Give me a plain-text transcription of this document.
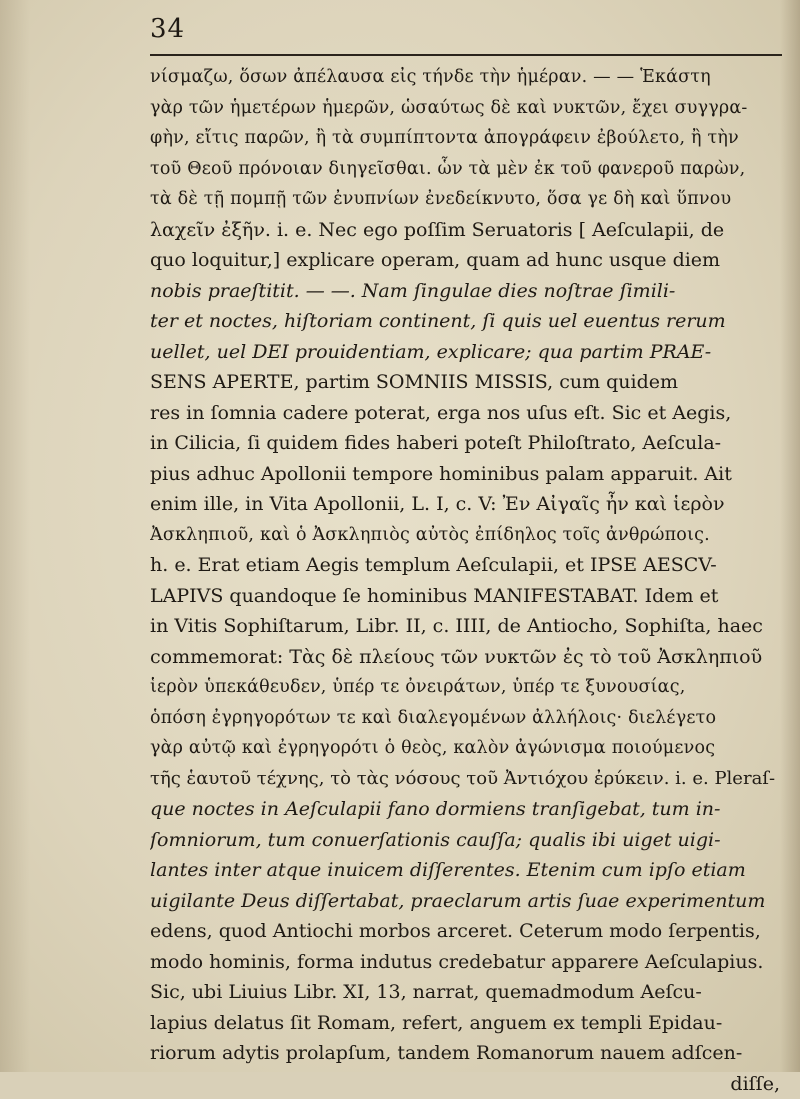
34
νίσμαζω, ὅσων ἀπέλαυσα εἰς τήνδε τὴν ἡμέραν. — — Ἑκάστη
γὰρ τῶν ἡμετέρων ἡμερῶν, ὡσαύτως δὲ καὶ νυκτῶν, ἔχει συγγρα-
φὴν, εἴτις παρῶν, ἢ τὰ συμπίπτοντα ἀπογράφειν ἐβούλετο, ἢ τὴν
τοῦ Θεοῦ πρόνοιαν διηγεῖσθαι. ὧν τὰ μὲν ἐκ τοῦ φανεροῦ παρὼν,
τὰ δὲ τῇ πομπῇ τῶν ἐνυπνίων ἐνεδείκνυτο, ὅσα γε δὴ καὶ ὕπνου
λαχεῖν ἐξῆν. i. e. Nec ego poſſim Seruatoris [ Aeſculapii, de
quo loquitur,] explicare operam, quam ad hunc usque diem
nobis praeſtitit. — —. Nam ſingulae dies noſtrae ſimili-
ter et noctes, hiſtoriam continent, ſi quis uel euentus rerum
uellet, uel DEI prouidentiam, explicare; qua partim PRAE-
SENS APERTE, partim SOMNIIS MISSIS, cum quidem
res in ſomnia cadere poterat, erga nos uſus eſt. Sic et Aegis,
in Cilicia, ſi quidem fides haberi poteſt Philoſtrato, Aeſcula-
pius adhuc Apollonii tempore hominibus palam apparuit. Ait
enim ille, in Vita Apollonii, L. I, c. V: Ἐν Αἰγαῖς ἦν καὶ ἱερὸν
Ἀσκληπιοῦ, καὶ ὁ Ἀσκληπιὸς αὐτὸς ἐπίδηλος τοῖς ἀνθρώποις.
h. e. Erat etiam Aegis templum Aeſculapii, et IPSE AESCV-
LAPIVS quandoque ſe hominibus MANIFESTABAT. Idem et
in Vitis Sophiſtarum, Libr. II, c. IIII, de Antiocho, Sophiſta, haec
commemorat: Τὰς δὲ πλείους τῶν νυκτῶν ἐς τὸ τοῦ Ἀσκληπιοῦ
ἱερὸν ὑπεκάθευδεν, ὑπέρ τε ὀνειράτων, ὑπέρ τε ξυνουσίας,
ὁπόση ἐγρηγορότων τε καὶ διαλεγομένων ἀλλήλοις· διελέγετο
γὰρ αὐτῷ καὶ ἐγρηγορότι ὁ θεὸς, καλὸν ἀγώνισμα ποιούμενος
τῆς ἑαυτοῦ τέχνης, τὸ τὰς νόσους τοῦ Ἀντιόχου ἐρύκειν. i. e. Pleraſ-
que noctes in Aeſculapii fano dormiens tranſigebat, tum in-
ſomniorum, tum conuerſationis cauſſa; qualis ibi uiget uigi-
lantes inter atque inuicem diſſerentes. Etenim cum ipſo etiam
uigilante Deus diſſertabat, praeclarum artis ſuae experimentum
edens, quod Antiochi morbos arceret. Ceterum modo ſerpentis,
modo hominis, forma indutus credebatur apparere Aeſculapius.
Sic, ubi Liuius Libr. XI, 13, narrat, quemadmodum Aeſcu-
lapius delatus ſit Romam, refert, anguem ex templi Epidau-
riorum adytis prolapſum, tandem Romanorum nauem adſcen-
diſſe,
